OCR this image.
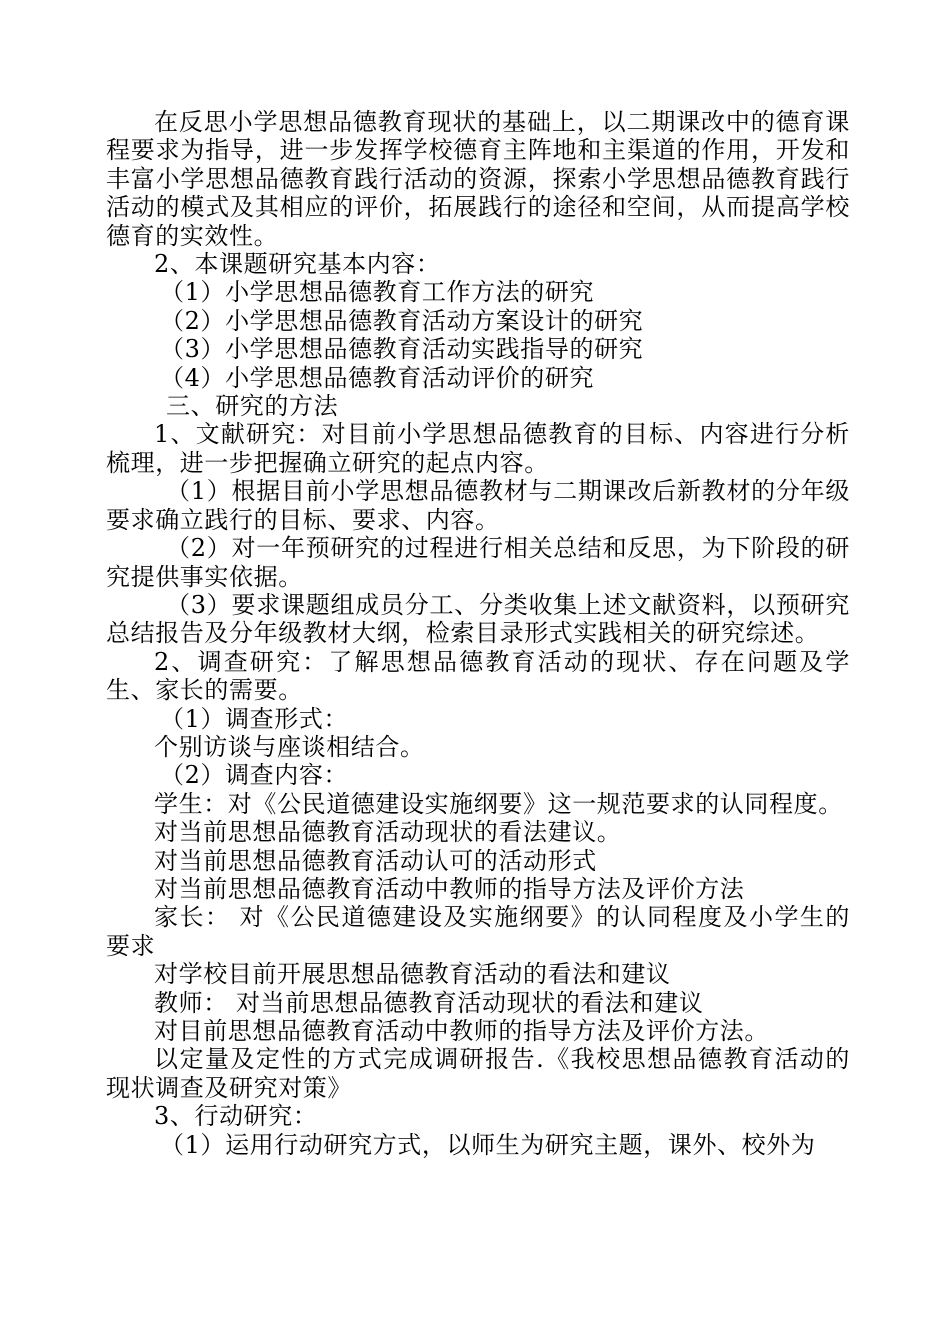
在反思小学思想品德教育现状的基础上，以二期课改中的德育课程要求为指导，进一步发挥学校德育主阵地和主渠道的作用，开发和丰富小学思想品德教育践行活动的资源，探索小学思想品德教育践行活动的模式及其相应的评价，拓展践行的途径和空间，从而提高学校德育的实效性。

2、本课题研究基本内容：

（1）小学思想品德教育工作方法的研究

（2）小学思想品德教育活动方案设计的研究

（3）小学思想品德教育活动实践指导的研究

（4）小学思想品德教育活动评价的研究

三、研究的方法

1、文献研究：对目前小学思想品德教育的目标、内容进行分析梳理，进一步把握确立研究的起点内容。

（1）根据目前小学思想品德教材与二期课改后新教材的分年级要求确立践行的目标、要求、内容。

（2）对一年预研究的过程进行相关总结和反思，为下阶段的研究提供事实依据。

（3）要求课题组成员分工、分类收集上述文献资料，以预研究总结报告及分年级教材大纲，检索目录形式实践相关的研究综述。

2、调查研究：了解思想品德教育活动的现状、存在问题及学生、家长的需要。

（1）调查形式：

个别访谈与座谈相结合。

（2）调查内容：

学生：对《公民道德建设实施纲要》这一规范要求的认同程度。

对当前思想品德教育活动现状的看法建议。

对当前思想品德教育活动认可的活动形式

对当前思想品德教育活动中教师的指导方法及评价方法

家长： 对《公民道德建设及实施纲要》的认同程度及小学生的要求

对学校目前开展思想品德教育活动的看法和建议

教师： 对当前思想品德教育活动现状的看法和建议

对目前思想品德教育活动中教师的指导方法及评价方法。

以定量及定性的方式完成调研报告.《我校思想品德教育活动的现状调查及研究对策》

3、行动研究：

（1）运用行动研究方式，以师生为研究主题，课外、校外为
